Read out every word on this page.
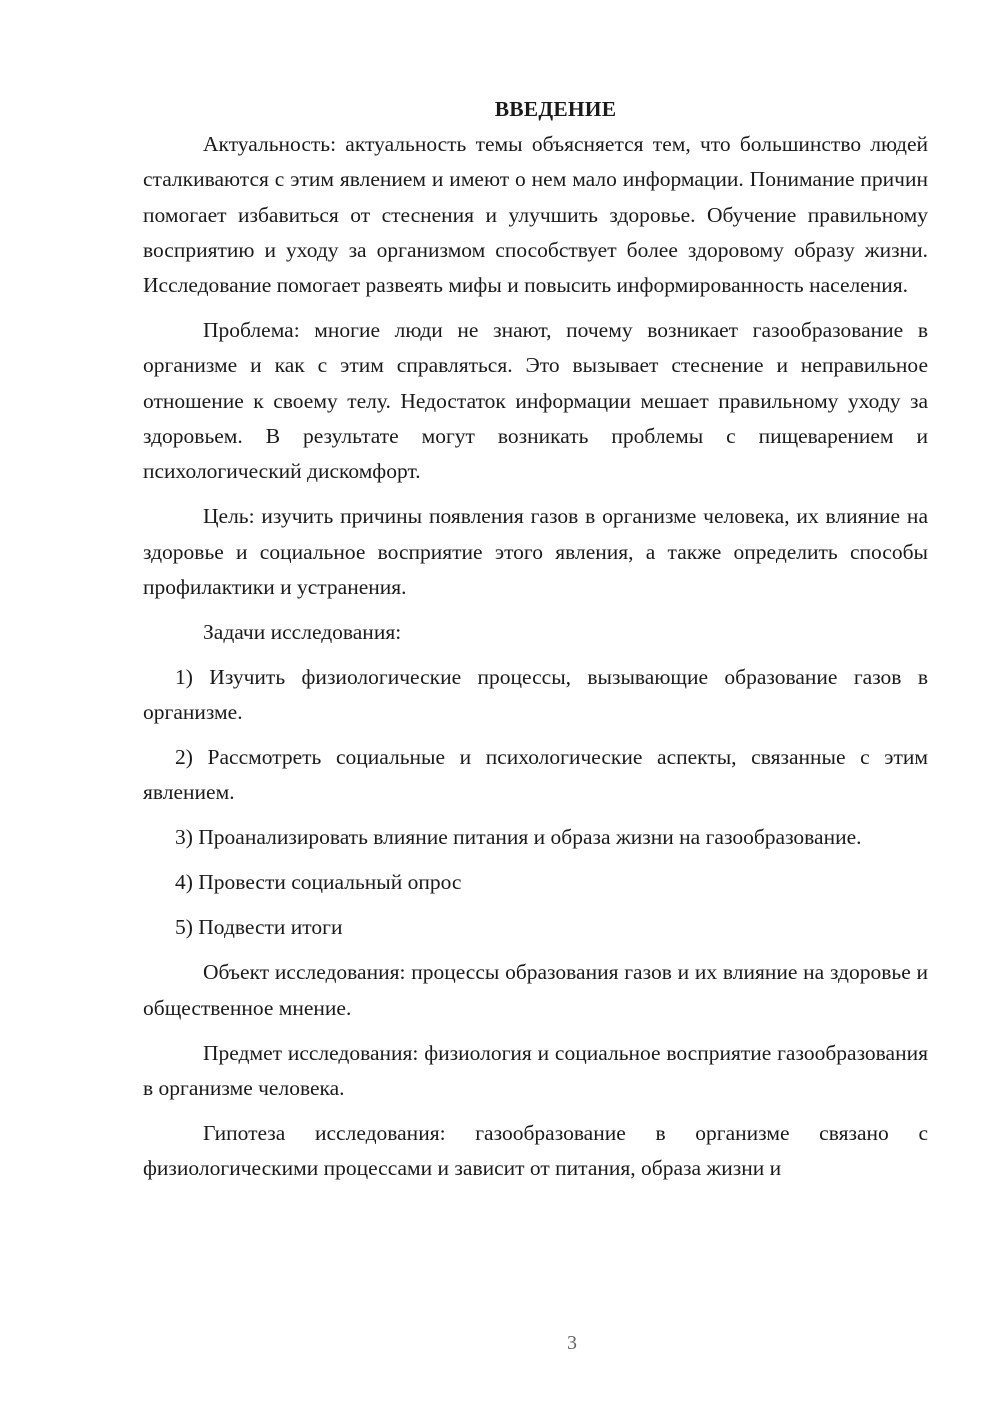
ВВЕДЕНИЕ

Актуальность: актуальность темы объясняется тем, что большинство людей сталкиваются с этим явлением и имеют о нем мало информации. Понимание причин помогает избавиться от стеснения и улучшить здоровье. Обучение правильному восприятию и уходу за организмом способствует более здоровому образу жизни. Исследование помогает развеять мифы и повысить информированность населения.

Проблема: многие люди не знают, почему возникает газообразование в организме и как с этим справляться. Это вызывает стеснение и неправильное отношение к своему телу. Недостаток информации мешает правильному уходу за здоровьем. В результате могут возникать проблемы с пищеварением и психологический дискомфорт.

Цель: изучить причины появления газов в организме человека, их влияние на здоровье и социальное восприятие этого явления, а также определить способы профилактики и устранения.

Задачи исследования:

1) Изучить физиологические процессы, вызывающие образование газов в организме.

2) Рассмотреть социальные и психологические аспекты, связанные с этим явлением.

3) Проанализировать влияние питания и образа жизни на газообразование.

4) Провести социальный опрос

5) Подвести итоги

Объект исследования: процессы образования газов и их влияние на здоровье и общественное мнение.

Предмет исследования: физиология и социальное восприятие газообразования в организме человека.

Гипотеза исследования: газообразование в организме связано с физиологическими процессами и зависит от питания, образа жизни и

3
